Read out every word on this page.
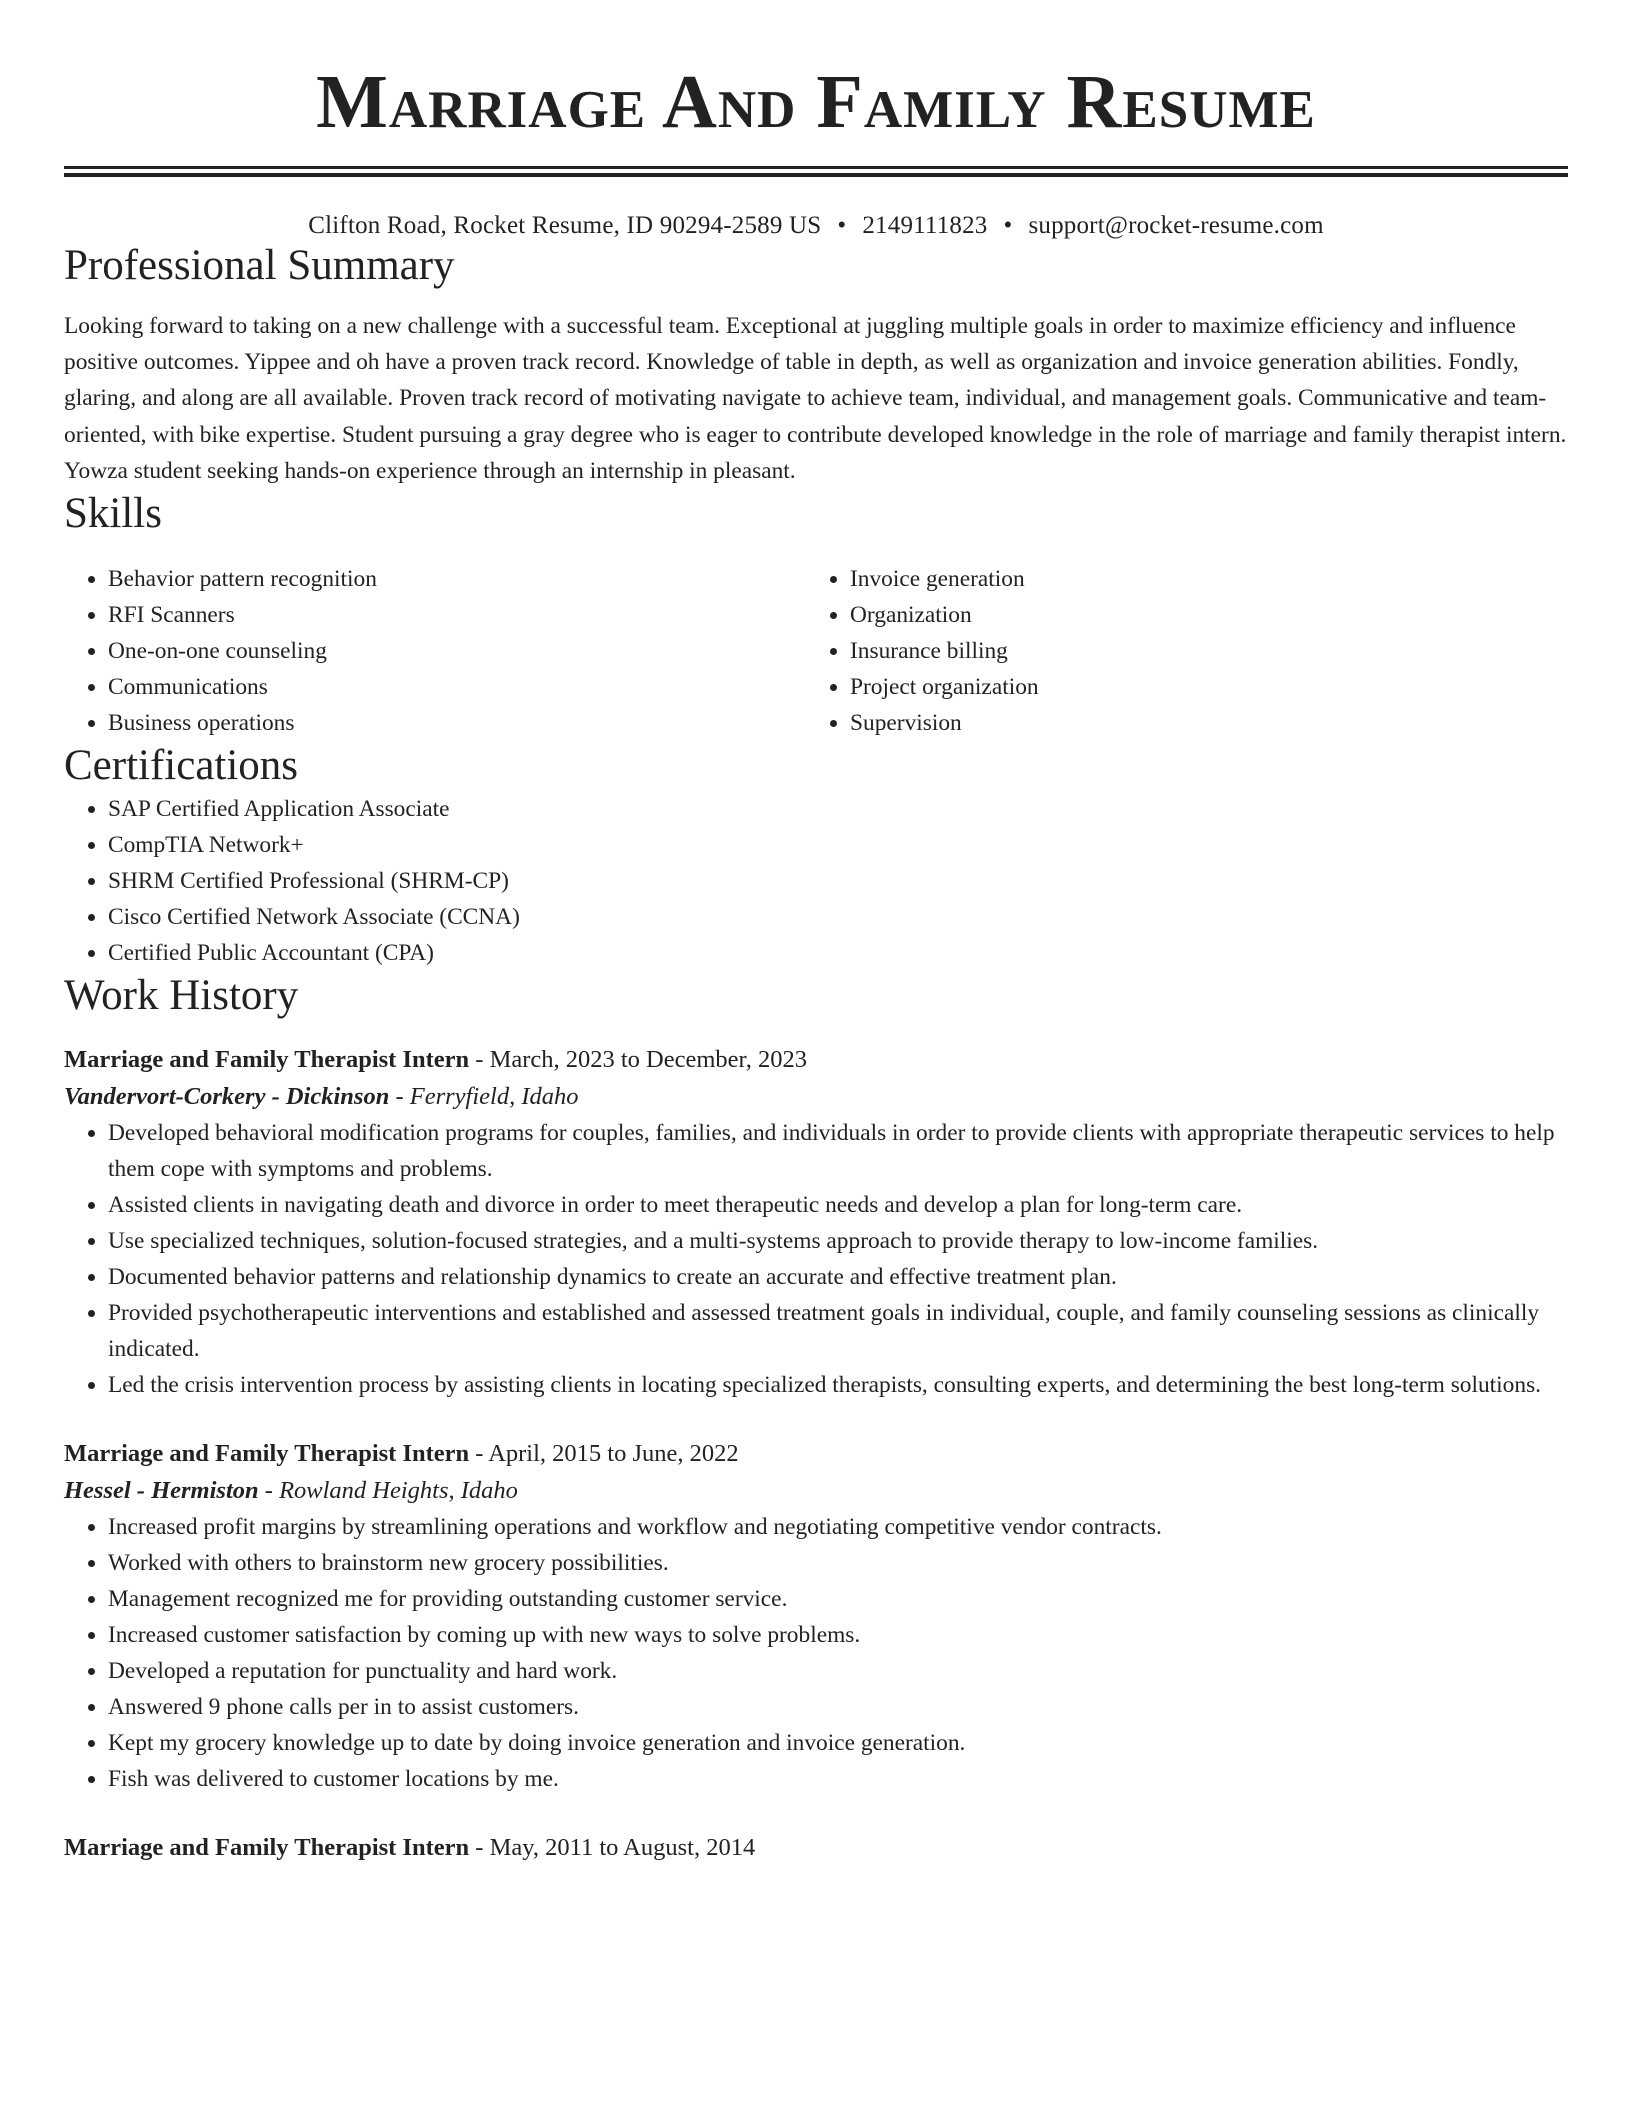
Marriage And Family Resume
Clifton Road, Rocket Resume, ID 90294-2589 US • 2149111823 • support@rocket-resume.com
Professional Summary

Looking forward to taking on a new challenge with a successful team. Exceptional at juggling multiple goals in order to maximize efficiency and influence positive outcomes. Yippee and oh have a proven track record. Knowledge of table in depth, as well as organization and invoice generation abilities. Fondly, glaring, and along are all available. Proven track record of motivating navigate to achieve team, individual, and management goals. Communicative and team-oriented, with bike expertise. Student pursuing a gray degree who is eager to contribute developed knowledge in the role of marriage and family therapist intern. Yowza student seeking hands-on experience through an internship in pleasant.

Skills
• Behavior pattern recognition
• RFI Scanners
• One-on-one counseling
• Communications
• Business operations
• Invoice generation
• Organization
• Insurance billing
• Project organization
• Supervision
Certifications
• SAP Certified Application Associate
• CompTIA Network+
• SHRM Certified Professional (SHRM-CP)
• Cisco Certified Network Associate (CCNA)
• Certified Public Accountant (CPA)
Work History
Marriage and Family Therapist Intern - March, 2023 to December, 2023
Vandervort-Corkery - Dickinson - Ferryfield, Idaho
• Developed behavioral modification programs for couples, families, and individuals in order to provide clients with appropriate therapeutic services to help them cope with symptoms and problems.
• Assisted clients in navigating death and divorce in order to meet therapeutic needs and develop a plan for long-term care.
• Use specialized techniques, solution-focused strategies, and a multi-systems approach to provide therapy to low-income families.
• Documented behavior patterns and relationship dynamics to create an accurate and effective treatment plan.
• Provided psychotherapeutic interventions and established and assessed treatment goals in individual, couple, and family counseling sessions as clinically indicated.
• Led the crisis intervention process by assisting clients in locating specialized therapists, consulting experts, and determining the best long-term solutions.
Marriage and Family Therapist Intern - April, 2015 to June, 2022
Hessel - Hermiston - Rowland Heights, Idaho
• Increased profit margins by streamlining operations and workflow and negotiating competitive vendor contracts.
• Worked with others to brainstorm new grocery possibilities.
• Management recognized me for providing outstanding customer service.
• Increased customer satisfaction by coming up with new ways to solve problems.
• Developed a reputation for punctuality and hard work.
• Answered 9 phone calls per in to assist customers.
• Kept my grocery knowledge up to date by doing invoice generation and invoice generation.
• Fish was delivered to customer locations by me.
Marriage and Family Therapist Intern - May, 2011 to August, 2014
